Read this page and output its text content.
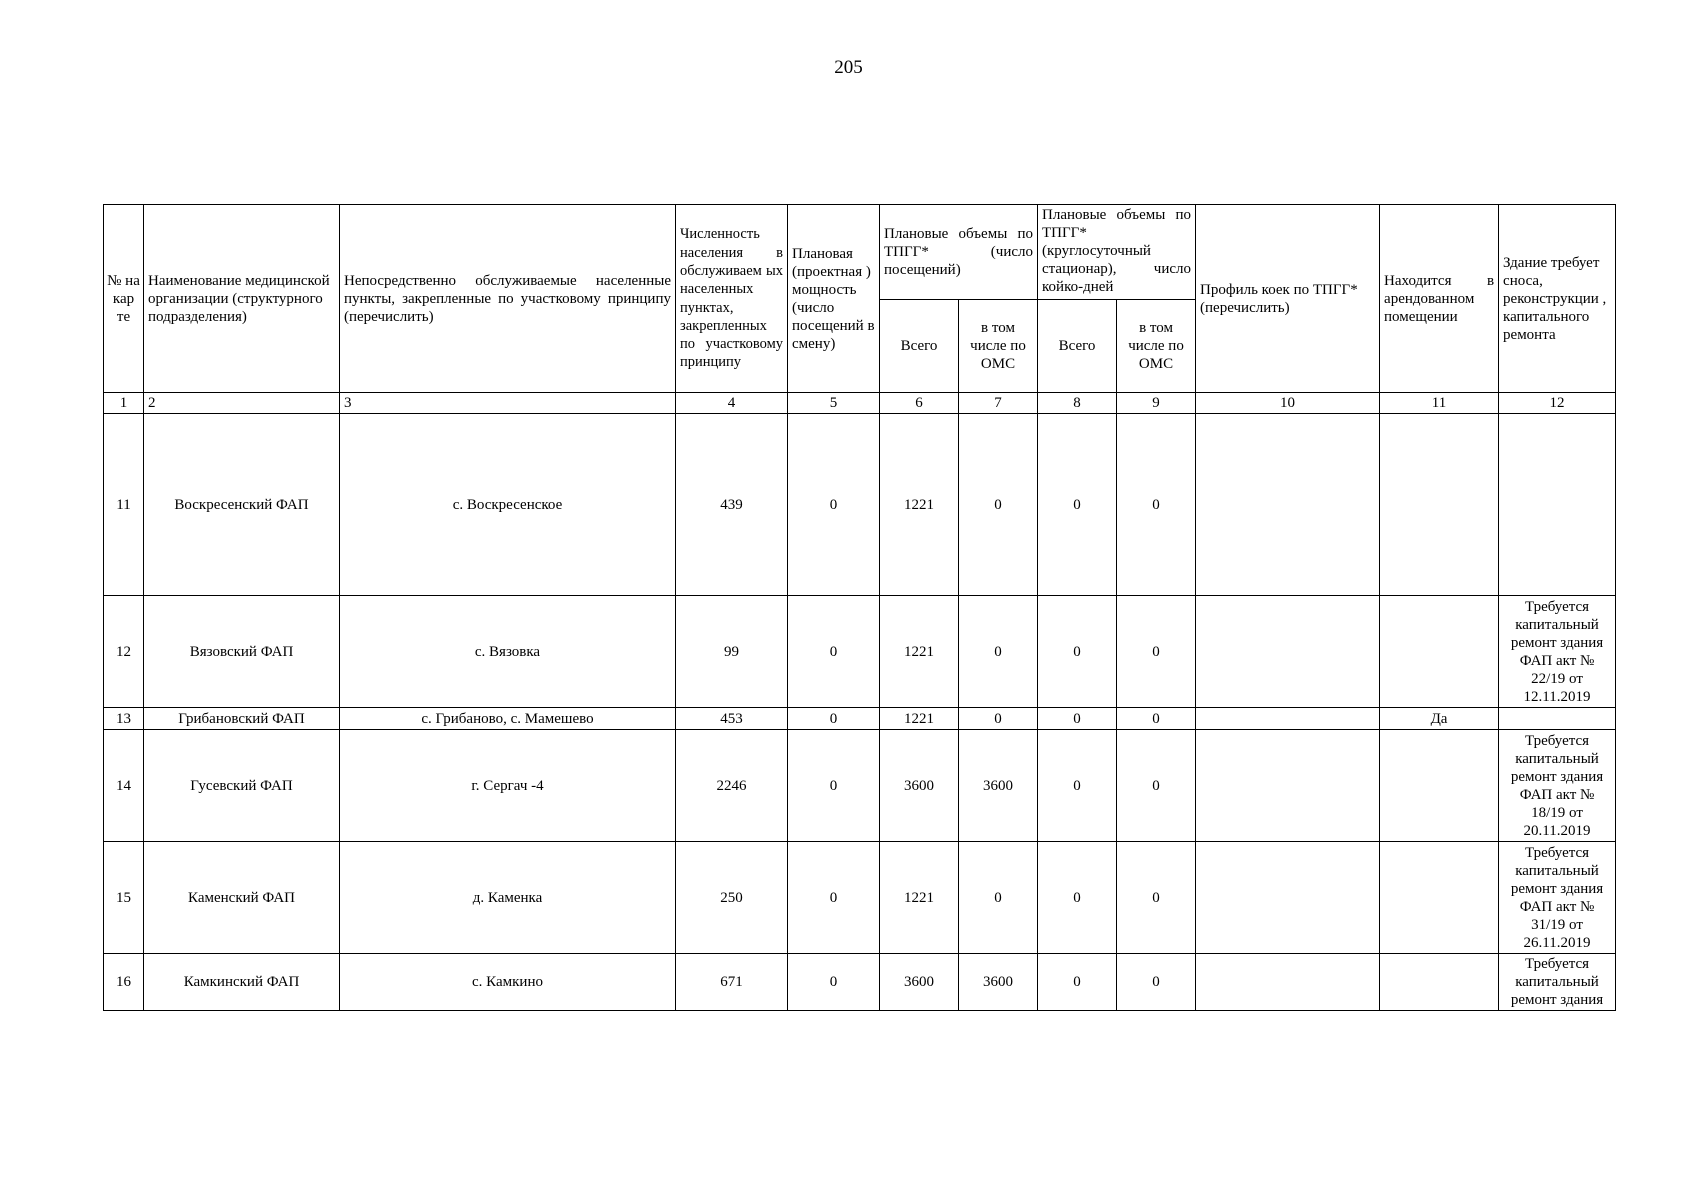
205
№ на кар те	Наименование медицинской организации (структурного подразделения)	Непосредственно обслуживаемые населенные пункты, закрепленные по участковому принципу (перечислить)	Численность населения в обслуживаем ых населенных пунктах, закрепленных по участковому принципу	Плановая (проектная ) мощность (число посещений в смену)	Плановые объемы по ТПГГ* (число посещений)		Плановые объемы по ТПГГ* (круглосуточный стационар), число койко-дней		Профиль коек по ТПГГ* (перечислить)	Находится в арендованном помещении	Здание требует сноса, реконструкции , капитального ремонта
					Всего	в том числе по ОМС	Всего	в том числе по ОМС			
1	2	3	4	5	6	7	8	9	10	11	12
11	Воскресенский ФАП	с. Воскресенское	439	0	1221	0	0	0			
12	Вязовский ФАП	с. Вязовка	99	0	1221	0	0	0			Требуется капитальный ремонт здания ФАП акт № 22/19 от 12.11.2019
13	Грибановский ФАП	с. Грибаново, с. Мамешево	453	0	1221	0	0	0		Да	
14	Гусевский ФАП	г. Сергач -4	2246	0	3600	3600	0	0			Требуется капитальный ремонт здания ФАП акт № 18/19 от 20.11.2019
15	Каменский ФАП	д. Каменка	250	0	1221	0	0	0			Требуется капитальный ремонт здания ФАП акт № 31/19 от 26.11.2019
16	Камкинский ФАП	с. Камкино	671	0	3600	3600	0	0			Требуется капитальный ремонт здания
